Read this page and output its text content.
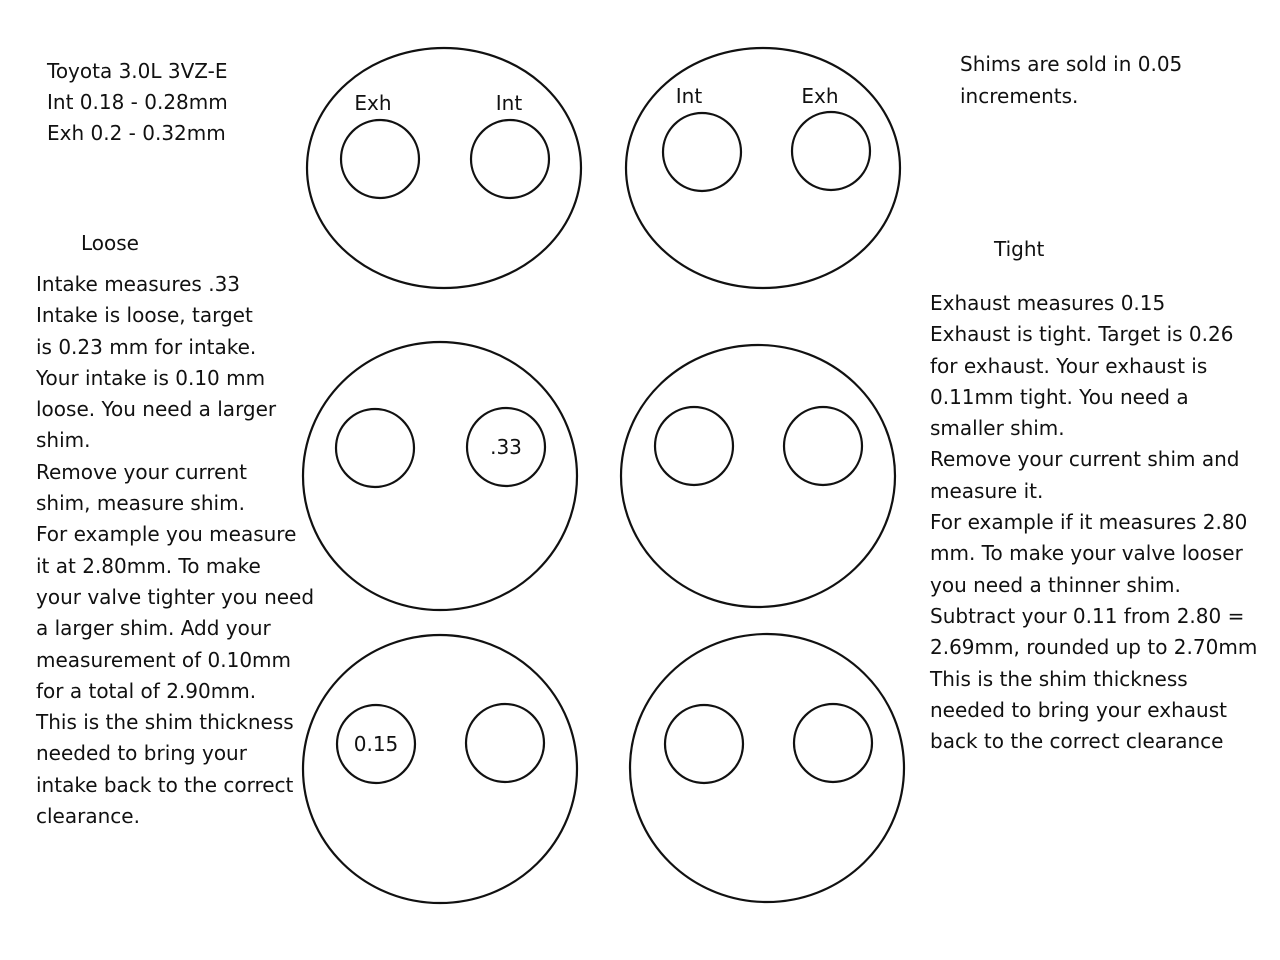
Exh	Int	Int	Exh
.33
0.15
Toyota 3.0L 3VZ-E
Int 0.18 - 0.28mm
Exh 0.2 - 0.32mm
Shims are sold in 0.05
increments.
Loose
Intake measures .33
Intake is loose, target
is 0.23 mm for intake.
Your intake is 0.10 mm
loose. You need a larger
shim.
Remove your current
shim, measure shim.
For example you measure
it at 2.80mm. To make
your valve tighter you need
a larger shim. Add your
measurement of 0.10mm
for a total of 2.90mm.
This is the shim thickness
needed to bring your
intake back to the correct
clearance.
Tight
Exhaust measures 0.15
Exhaust is tight. Target is 0.26
for exhaust. Your exhaust is
0.11mm tight. You need a
smaller shim.
Remove your current shim and
measure it.
For example if it measures 2.80
mm. To make your valve looser
you need a thinner shim.
Subtract your 0.11 from 2.80 =
2.69mm, rounded up to 2.70mm
This is the shim thickness
needed to bring your exhaust
back to the correct clearance
